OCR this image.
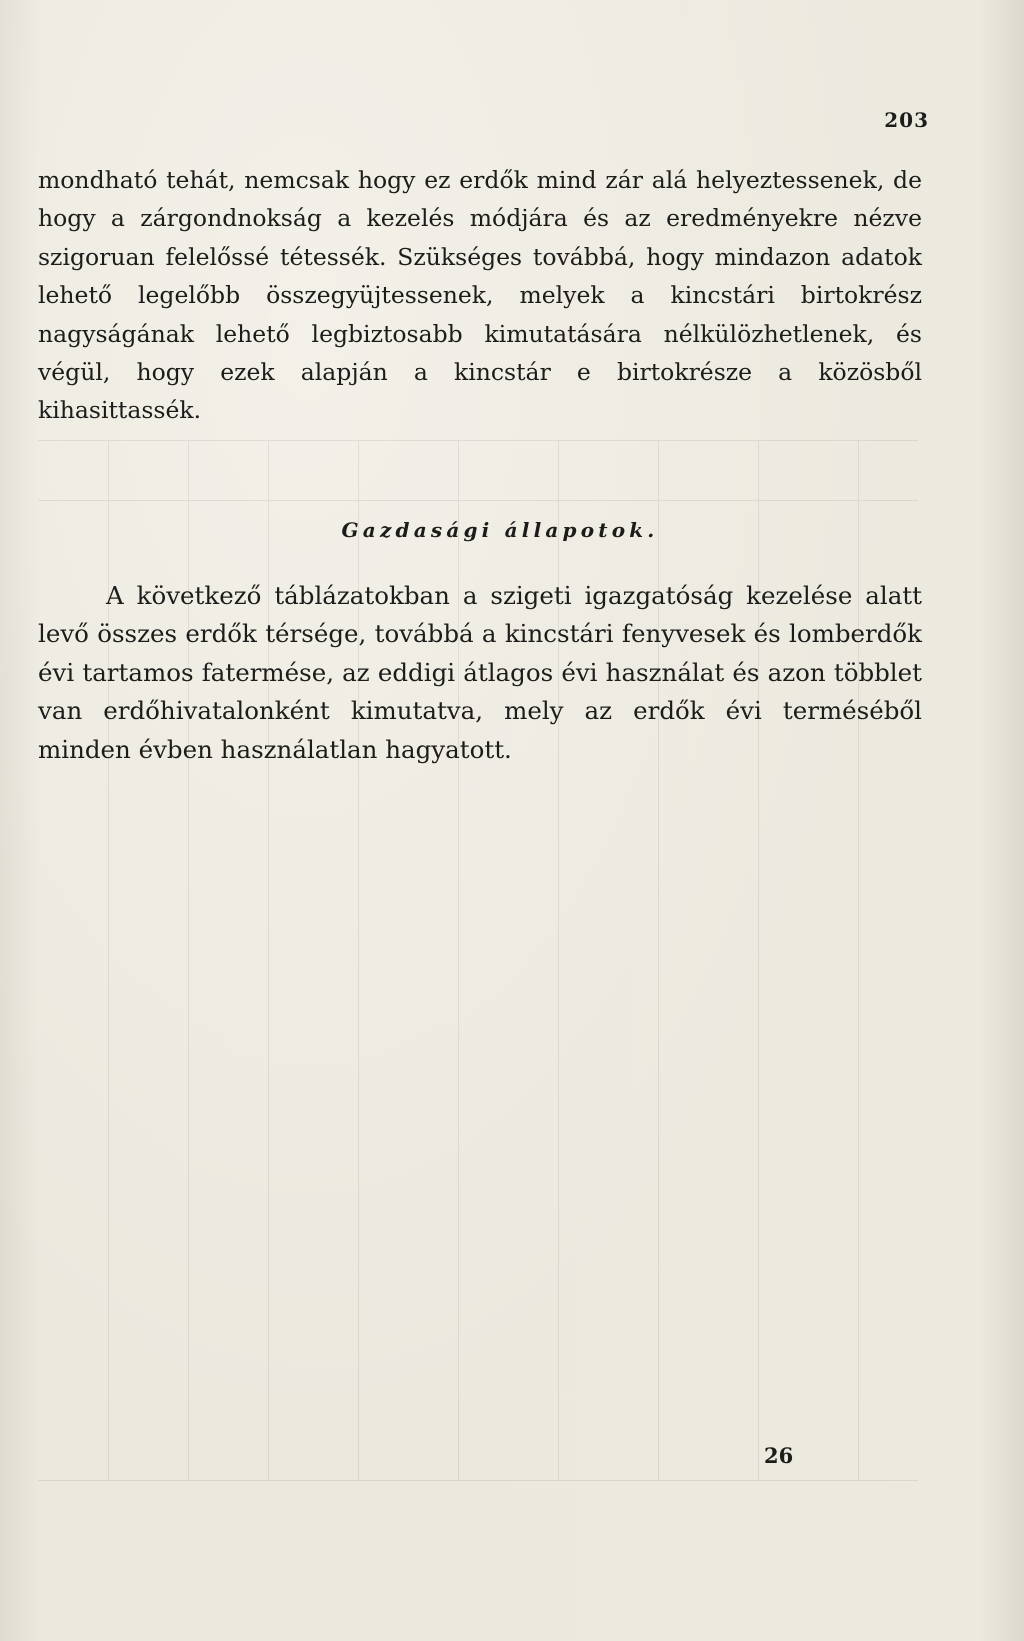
203

mondható tehát, nemcsak hogy ez erdők mind zár alá helyeztessenek, de hogy a zárgondnokság a kezelés módjára és az eredményekre nézve szigoruan felelőssé tétessék. Szükséges továbbá, hogy mindazon adatok lehető legelőbb összegyüjtessenek, melyek a kincstári birtokrész nagyságának lehető legbiztosabb kimutatására nélkülözhetlenek, és végül, hogy ezek alapján a kincstár e birtokrésze a közösből kihasittassék.

Gazdasági állapotok.

A következő táblázatokban a szigeti igazgatóság kezelése alatt levő összes erdők térsége, továbbá a kincstári fenyvesek és lomberdők évi tartamos fatermése, az eddigi átlagos évi használat és azon többlet van erdőhivatalonként kimutatva, mely az erdők évi terméséből minden évben használatlan hagyatott.

26
